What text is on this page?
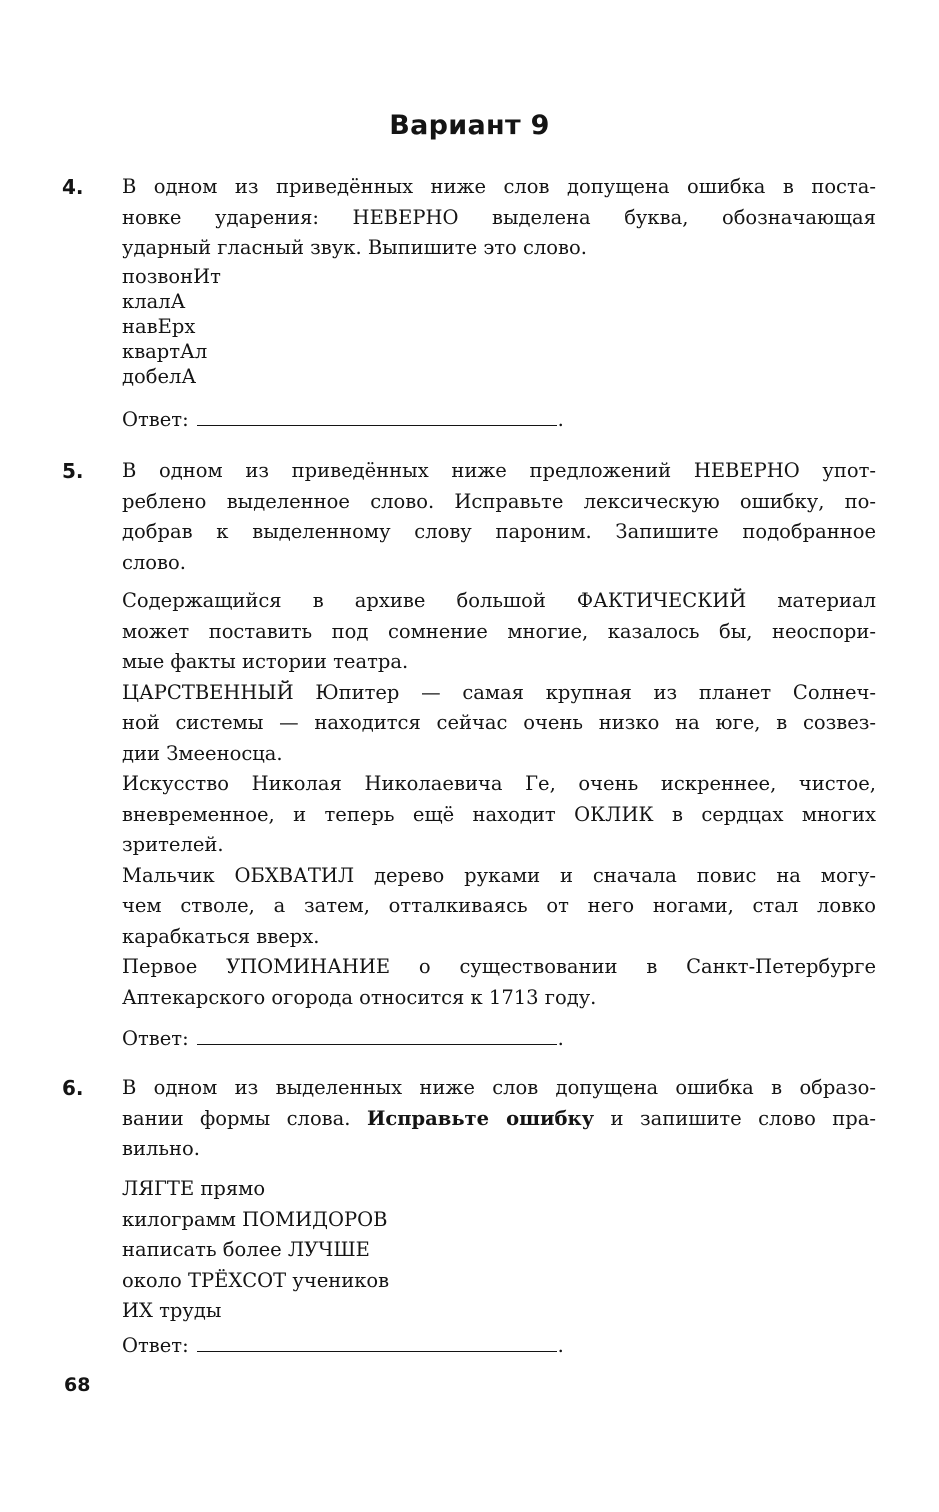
Вариант 9
4. В одном из приведённых ниже слов допущена ошибка в поста-
новке ударения: НЕВЕРНО выделена буква, обозначающая
ударный гласный звук. Выпишите это слово.
позвонИт
клалА
навЕрх
квартАл
добелА
Ответ:	.
5. В одном из приведённых ниже предложений НЕВЕРНО упот-
реблено выделенное слово. Исправьте лексическую ошибку, по-
добрав к выделенному слову пароним. Запишите подобранное
слово.
Содержащийся в архиве большой ФАКТИЧЕСКИЙ материал
может поставить под сомнение многие, казалось бы, неоспори-
мые факты истории театра.
ЦАРСТВЕННЫЙ Юпитер — самая крупная из планет Солнеч-
ной системы — находится сейчас очень низко на юге, в созвез-
дии Змееносца.
Искусство Николая Николаевича Ге, очень искреннее, чистое,
вневременное, и теперь ещё находит ОКЛИК в сердцах многих
зрителей.
Мальчик ОБХВАТИЛ дерево руками и сначала повис на могу-
чем стволе, а затем, отталкиваясь от него ногами, стал ловко
карабкаться вверх.
Первое УПОМИНАНИЕ о существовании в Санкт-Петербурге
Аптекарского огорода относится к 1713 году.
Ответ:	.
6. В одном из выделенных ниже слов допущена ошибка в образо-
вании формы слова. Исправьте ошибку и запишите слово пра-
вильно.
ЛЯГТЕ прямо
килограмм ПОМИДОРОВ
написать более ЛУЧШЕ
около ТРЁХСОТ учеников
ИХ труды
Ответ:	.
68
